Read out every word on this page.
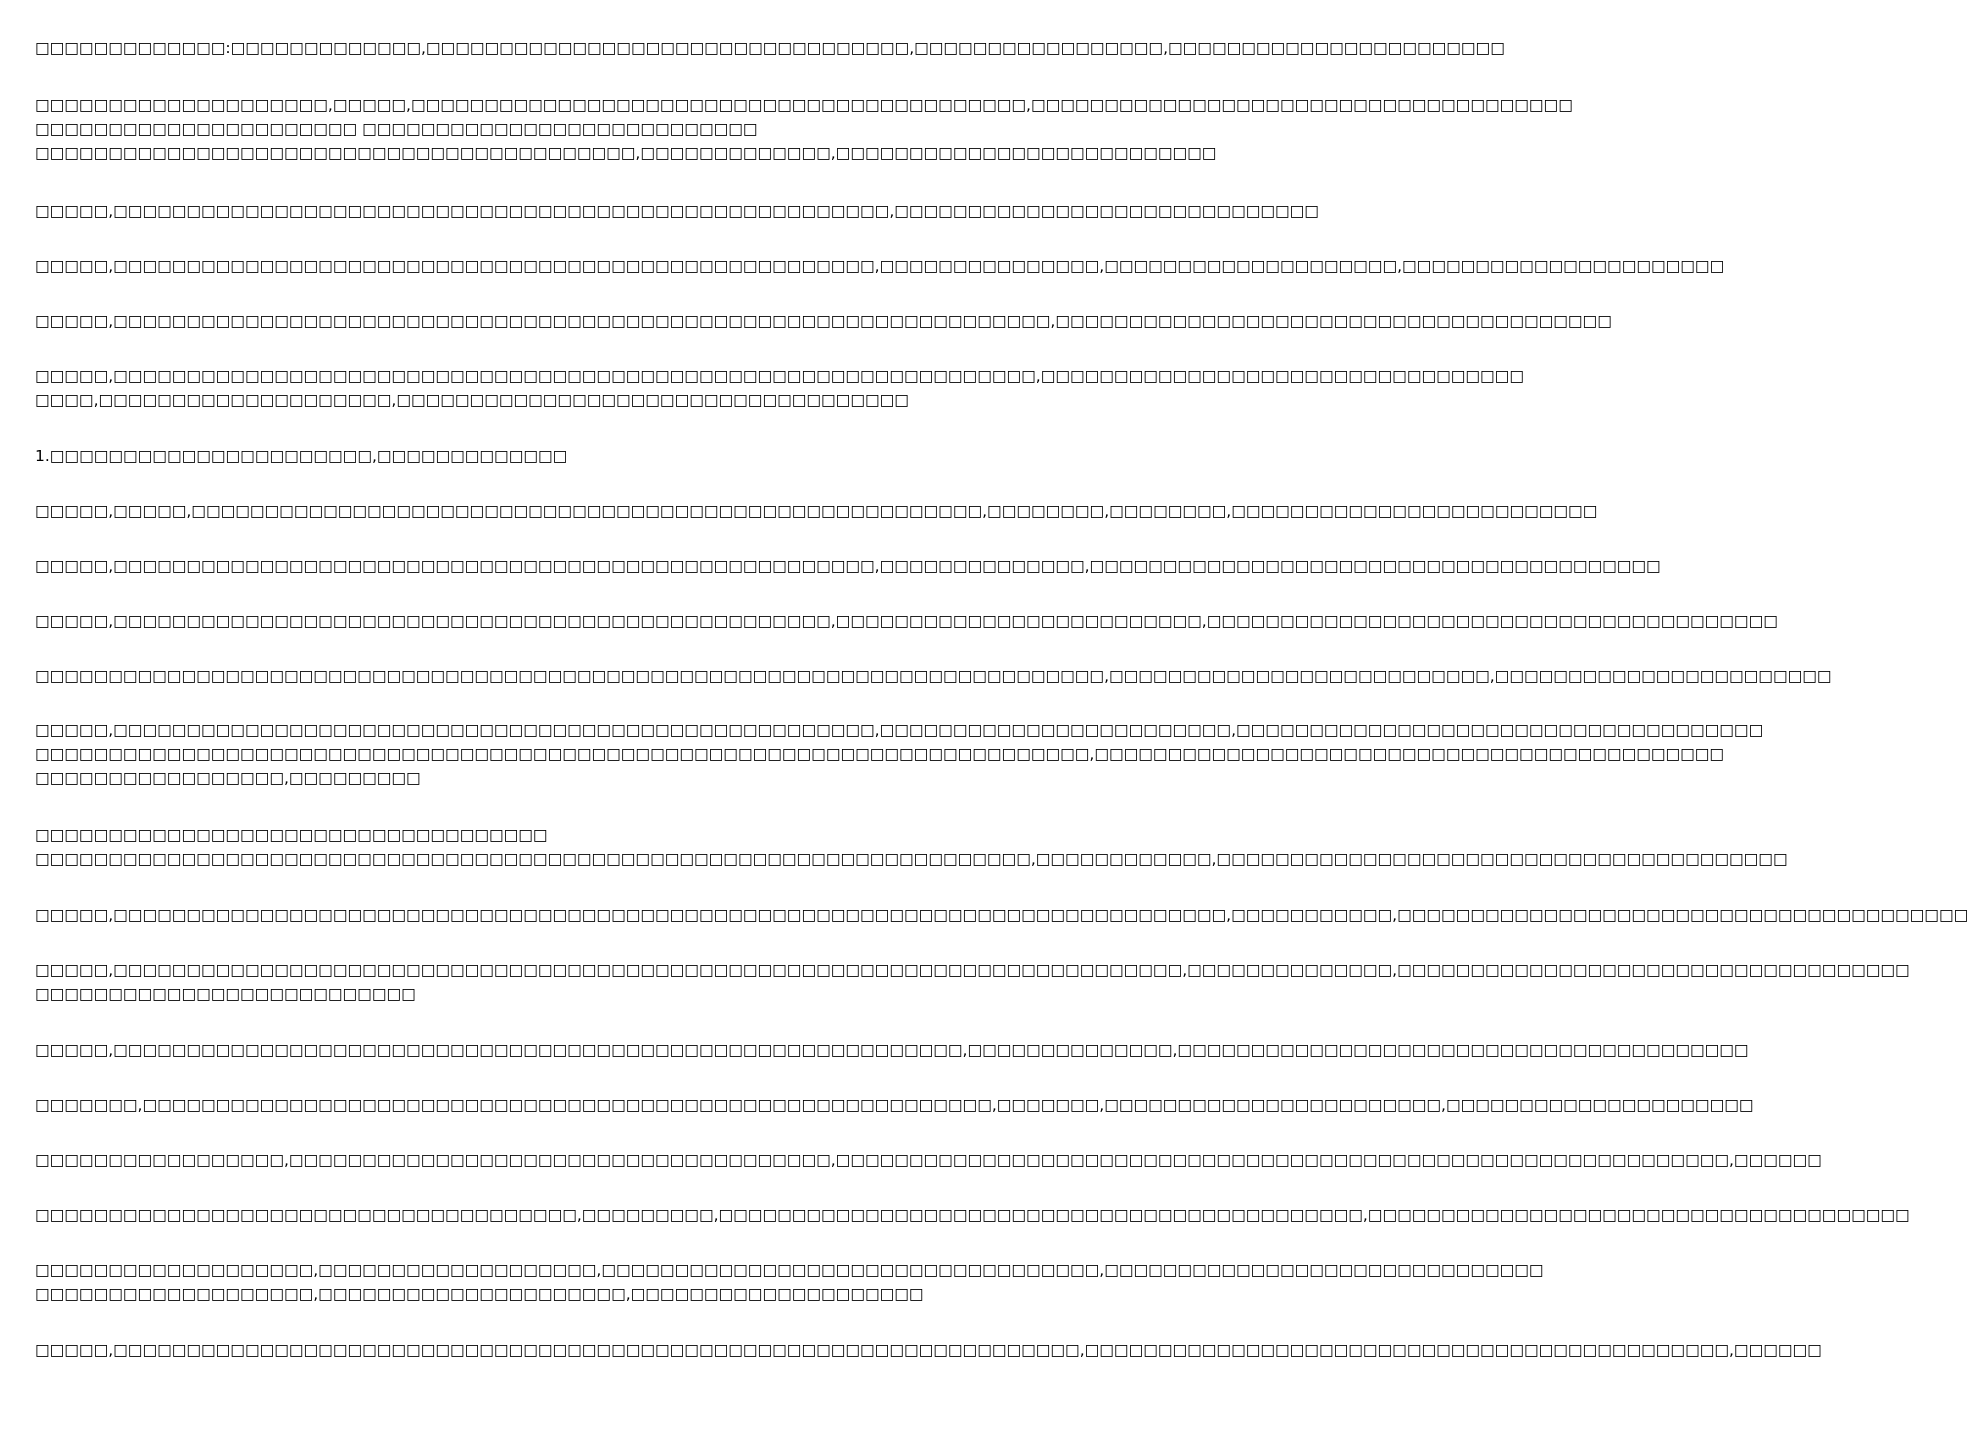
□□□□□□□□□□□□□:□□□□□□□□□□□□□,□□□□□□□□□□□□□□□□□□□□□□□□□□□□□□□□□,□□□□□□□□□□□□□□□□□,□□□□□□□□□□□□□□□□□□□□□□□

□□□□□□□□□□□□□□□□□□□□,□□□□□,□□□□□□□□□□□□□□□□□□□□□□□□□□□□□□□□□□□□□□□□□□,□□□□□□□□□□□□□□□□□□□□□□□□□□□□□□□□□□□□□
□□□□□□□□□□□□□□□□□□□□□□ □□□□□□□□□□□□□□□□□□□□□□□□□□□
□□□□□□□□□□□□□□□□□□□□□□□□□□□□□□□□□□□□□□□□□,□□□□□□□□□□□□□,□□□□□□□□□□□□□□□□□□□□□□□□□□

□□□□□,□□□□□□□□□□□□□□□□□□□□□□□□□□□□□□□□□□□□□□□□□□□□□□□□□□□□□,□□□□□□□□□□□□□□□□□□□□□□□□□□□□□

□□□□□,□□□□□□□□□□□□□□□□□□□□□□□□□□□□□□□□□□□□□□□□□□□□□□□□□□□□,□□□□□□□□□□□□□□□,□□□□□□□□□□□□□□□□□□□□,□□□□□□□□□□□□□□□□□□□□□□

□□□□□,□□□□□□□□□□□□□□□□□□□□□□□□□□□□□□□□□□□□□□□□□□□□□□□□□□□□□□□□□□□□□□□□,□□□□□□□□□□□□□□□□□□□□□□□□□□□□□□□□□□□□□□

□□□□□,□□□□□□□□□□□□□□□□□□□□□□□□□□□□□□□□□□□□□□□□□□□□□□□□□□□□□□□□□□□□□□□,□□□□□□□□□□□□□□□□□□□□□□□□□□□□□□□□□
□□□□,□□□□□□□□□□□□□□□□□□□□,□□□□□□□□□□□□□□□□□□□□□□□□□□□□□□□□□□□

1.□□□□□□□□□□□□□□□□□□□□□□,□□□□□□□□□□□□□

□□□□□,□□□□□,□□□□□□□□□□□□□□□□□□□□□□□□□□□□□□□□□□□□□□□□□□□□□□□□□□□□□□,□□□□□□□□,□□□□□□□□,□□□□□□□□□□□□□□□□□□□□□□□□□

□□□□□,□□□□□□□□□□□□□□□□□□□□□□□□□□□□□□□□□□□□□□□□□□□□□□□□□□□□,□□□□□□□□□□□□□□,□□□□□□□□□□□□□□□□□□□□□□□□□□□□□□□□□□□□□□□

□□□□□,□□□□□□□□□□□□□□□□□□□□□□□□□□□□□□□□□□□□□□□□□□□□□□□□□,□□□□□□□□□□□□□□□□□□□□□□□□□,□□□□□□□□□□□□□□□□□□□□□□□□□□□□□□□□□□□□□□□

□□□□□□□□□□□□□□□□□□□□□□□□□□□□□□□□□□□□□□□□□□□□□□□□□□□□□□□□□□□□□□□□□□□□□□□□□,□□□□□□□□□□□□□□□□□□□□□□□□□□,□□□□□□□□□□□□□□□□□□□□□□□

□□□□□,□□□□□□□□□□□□□□□□□□□□□□□□□□□□□□□□□□□□□□□□□□□□□□□□□□□□,□□□□□□□□□□□□□□□□□□□□□□□□,□□□□□□□□□□□□□□□□□□□□□□□□□□□□□□□□□□□□
□□□□□□□□□□□□□□□□□□□□□□□□□□□□□□□□□□□□□□□□□□□□□□□□□□□□□□□□□□□□□□□□□□□□□□□□,□□□□□□□□□□□□□□□□□□□□□□□□□□□□□□□□□□□□□□□□□□□
□□□□□□□□□□□□□□□□□,□□□□□□□□□

□□□□□□□□□□□□□□□□□□□□□□□□□□□□□□□□□□□
□□□□□□□□□□□□□□□□□□□□□□□□□□□□□□□□□□□□□□□□□□□□□□□□□□□□□□□□□□□□□□□□□□□□,□□□□□□□□□□□□,□□□□□□□□□□□□□□□□□□□□□□□□□□□□□□□□□□□□□□□

□□□□□,□□□□□□□□□□□□□□□□□□□□□□□□□□□□□□□□□□□□□□□□□□□□□□□□□□□□□□□□□□□□□□□□□□□□□□□□□□□□,□□□□□□□□□□□,□□□□□□□□□□□□□□□□□□□□□□□□□□□□□□□□□□□□□□□

□□□□□,□□□□□□□□□□□□□□□□□□□□□□□□□□□□□□□□□□□□□□□□□□□□□□□□□□□□□□□□□□□□□□□□□□□□□□□□□,□□□□□□□□□□□□□□,□□□□□□□□□□□□□□□□□□□□□□□□□□□□□□□□□□□
□□□□□□□□□□□□□□□□□□□□□□□□□□

□□□□□,□□□□□□□□□□□□□□□□□□□□□□□□□□□□□□□□□□□□□□□□□□□□□□□□□□□□□□□□□□,□□□□□□□□□□□□□□,□□□□□□□□□□□□□□□□□□□□□□□□□□□□□□□□□□□□□□□

□□□□□□□,□□□□□□□□□□□□□□□□□□□□□□□□□□□□□□□□□□□□□□□□□□□□□□□□□□□□□□□□□□,□□□□□□□,□□□□□□□□□□□□□□□□□□□□□□□,□□□□□□□□□□□□□□□□□□□□□

□□□□□□□□□□□□□□□□□,□□□□□□□□□□□□□□□□□□□□□□□□□□□□□□□□□□□□□,□□□□□□□□□□□□□□□□□□□□□□□□□□□□□□□□□□□□□□□□□□□□□□□□□□□□□□□□□□□□□,□□□□□□

□□□□□□□□□□□□□□□□□□□□□□□□□□□□□□□□□□□□□,□□□□□□□□□,□□□□□□□□□□□□□□□□□□□□□□□□□□□□□□□□□□□□□□□□□□□□,□□□□□□□□□□□□□□□□□□□□□□□□□□□□□□□□□□□□□

□□□□□□□□□□□□□□□□□□□,□□□□□□□□□□□□□□□□□□□,□□□□□□□□□□□□□□□□□□□□□□□□□□□□□□□□□□,□□□□□□□□□□□□□□□□□□□□□□□□□□□□□□
□□□□□□□□□□□□□□□□□□□,□□□□□□□□□□□□□□□□□□□□□,□□□□□□□□□□□□□□□□□□□□

□□□□□,□□□□□□□□□□□□□□□□□□□□□□□□□□□□□□□□□□□□□□□□□□□□□□□□□□□□□□□□□□□□□□□□□□,□□□□□□□□□□□□□□□□□□□□□□□□□□□□□□□□□□□□□□□□□□□□,□□□□□□
